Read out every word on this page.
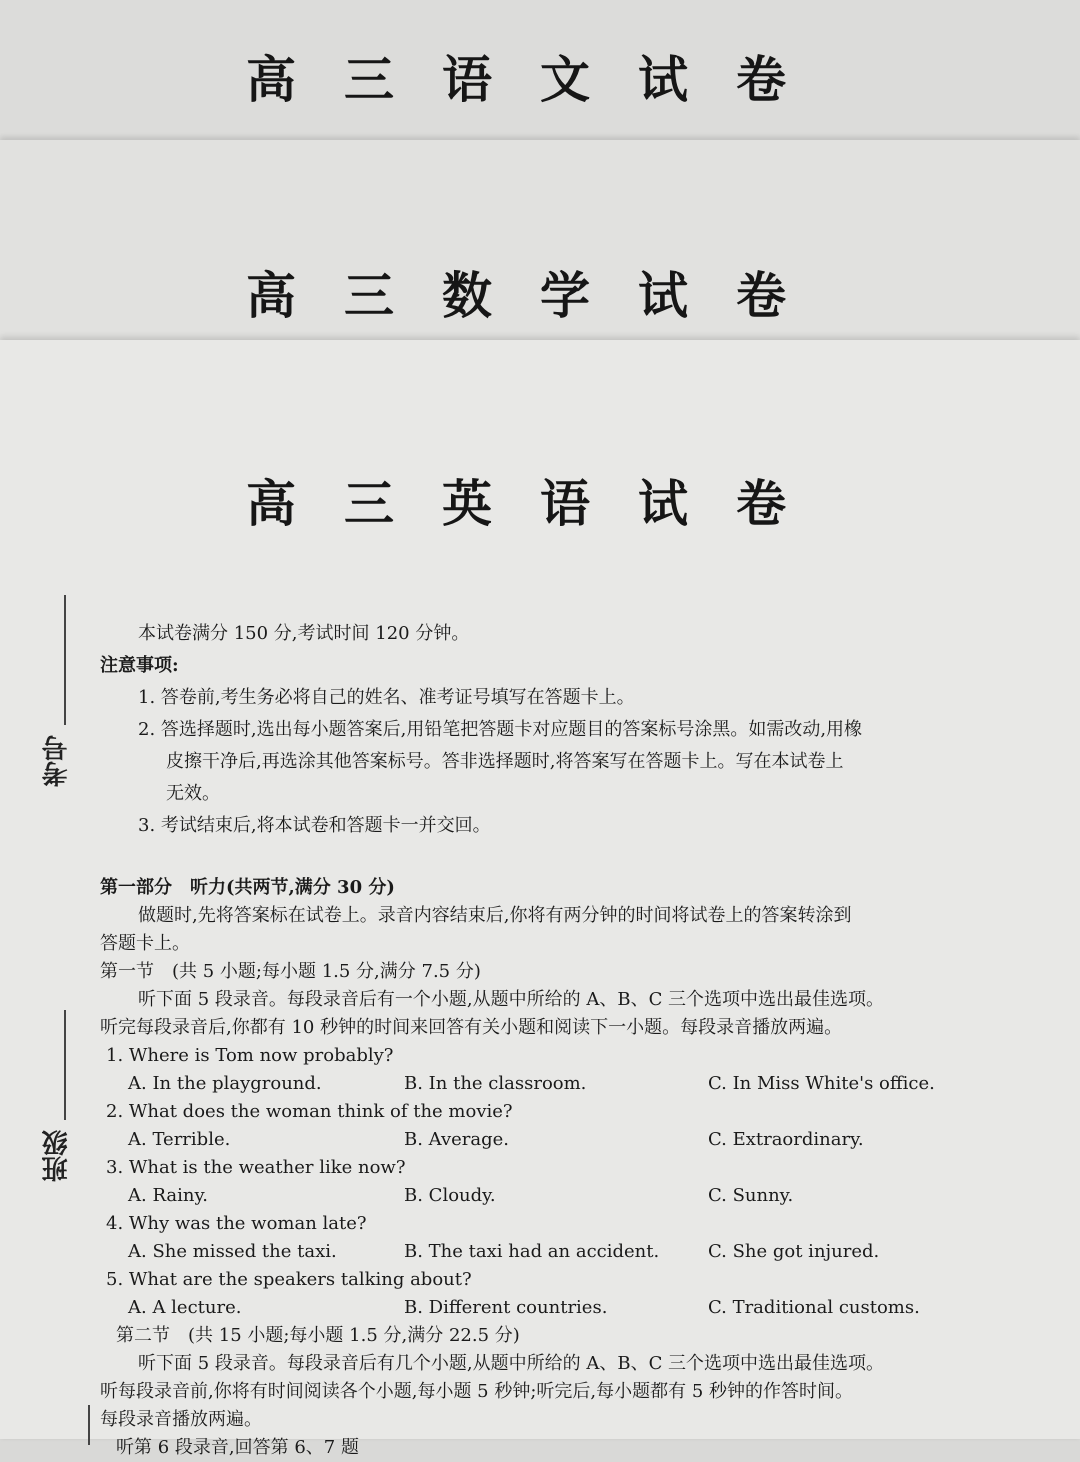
高三语文试卷
高三数学试卷
高三英语试卷
考号
班级

本试卷满分 150 分,考试时间 120 分钟。

注意事项:

1. 答卷前,考生务必将自己的姓名、准考证号填写在答题卡上。

2. 答选择题时,选出每小题答案后,用铅笔把答题卡对应题目的答案标号涂黑。如需改动,用橡

皮擦干净后,再选涂其他答案标号。答非选择题时,将答案写在答题卡上。写在本试卷上

无效。

3. 考试结束后,将本试卷和答题卡一并交回。

第一部分　听力(共两节,满分 30 分)

做题时,先将答案标在试卷上。录音内容结束后,你将有两分钟的时间将试卷上的答案转涂到

答题卡上。

第一节　(共 5 小题;每小题 1.5 分,满分 7.5 分)

听下面 5 段录音。每段录音后有一个小题,从题中所给的 A、B、C 三个选项中选出最佳选项。

听完每段录音后,你都有 10 秒钟的时间来回答有关小题和阅读下一小题。每段录音播放两遍。

1. Where is Tom now probably?

A. In the playground.	B. In the classroom.	C. In Miss White's office.

2. What does the woman think of the movie?

A. Terrible.	B. Average.	C. Extraordinary.

3. What is the weather like now?

A. Rainy.	B. Cloudy.	C. Sunny.

4. Why was the woman late?

A. She missed the taxi.	B. The taxi had an accident.	C. She got injured.

5. What are the speakers talking about?

A. A lecture.	B. Different countries.	C. Traditional customs.

第二节　(共 15 小题;每小题 1.5 分,满分 22.5 分)

听下面 5 段录音。每段录音后有几个小题,从题中所给的 A、B、C 三个选项中选出最佳选项。

听每段录音前,你将有时间阅读各个小题,每小题 5 秒钟;听完后,每小题都有 5 秒钟的作答时间。

每段录音播放两遍。

听第 6 段录音,回答第 6、7 题
